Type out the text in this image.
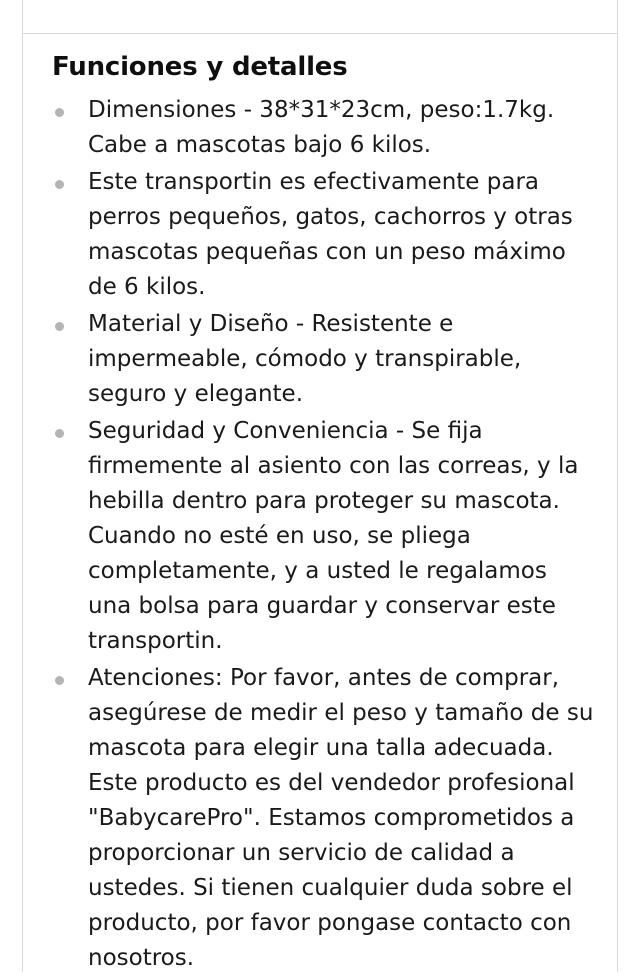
Funciones y detalles
Dimensiones - 38*31*23cm, peso:1.7kg. Cabe a mascotas bajo 6 kilos.
Este transportin es efectivamente para perros pequeños, gatos, cachorros y otras mascotas pequeñas con un peso máximo de 6 kilos.
Material y Diseño - Resistente e impermeable, cómodo y transpirable, seguro y elegante.
Seguridad y Conveniencia - Se fija firmemente al asiento con las correas, y la hebilla dentro para proteger su mascota. Cuando no esté en uso, se pliega completamente, y a usted le regalamos una bolsa para guardar y conservar este transportin.
Atenciones: Por favor, antes de comprar, asegúrese de medir el peso y tamaño de su mascota para elegir una talla adecuada. Este producto es del vendedor profesional "BabycarePro". Estamos comprometidos a proporcionar un servicio de calidad a ustedes. Si tienen cualquier duda sobre el producto, por favor pongase contacto con nosotros.
